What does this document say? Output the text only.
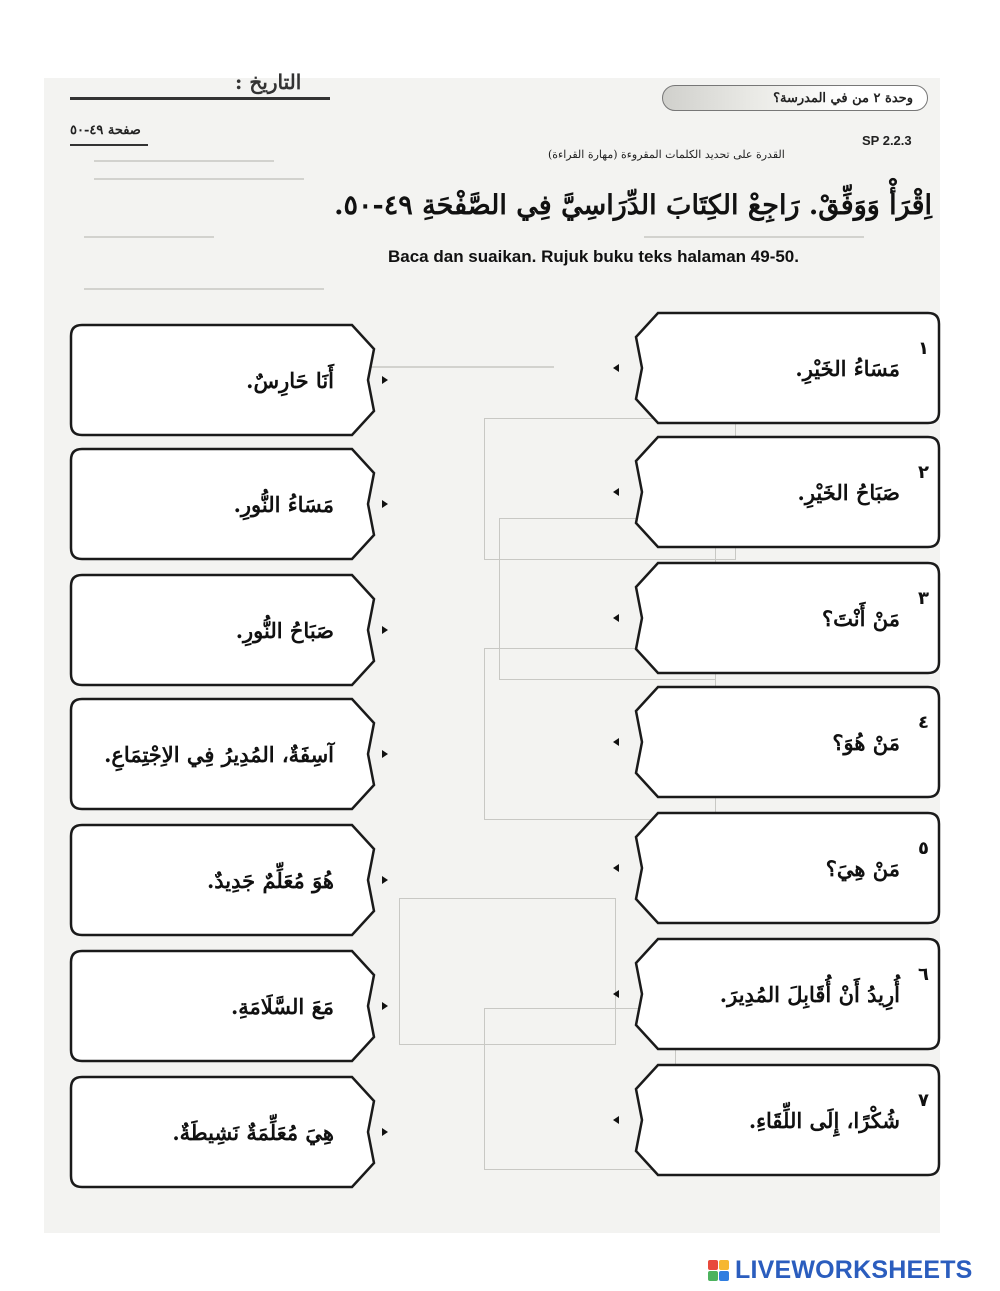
التاريخ :
وحدة ٢ من في المدرسة؟
صفحة ٤٩-٥٠
SP 2.2.3
القدرة على تحديد الكلمات المقروءة (مهارة القراءة)
اِقْرَأْ وَوَفِّقْ. رَاجِعْ الكِتَابَ الدِّرَاسِيَّ فِي الصَّفْحَةِ ٤٩-٥٠.
Baca dan suaikan. Rujuk buku teks halaman 49-50.
أَنَا حَارِسٌ.	مَسَاءُ الخَيْرِ.
١
مَسَاءُ النُّورِ.	صَبَاحُ الخَيْرِ.
٢
صَبَاحُ النُّورِ.	مَنْ أَنْتَ؟
٣
آسِفَةٌ، المُدِيرُ فِي الاِجْتِمَاعِ.	مَنْ هُوَ؟
٤
هُوَ مُعَلِّمٌ جَدِيدٌ.	مَنْ هِيَ؟
٥
مَعَ السَّلَامَةِ.	أُرِيدُ أَنْ أُقَابِلَ المُدِيرَ.
٦
هِيَ مُعَلِّمَةٌ نَشِيطَةٌ.	شُكْرًا، إِلَى اللِّقَاءِ.
٧
LIVEWORKSHEETS
